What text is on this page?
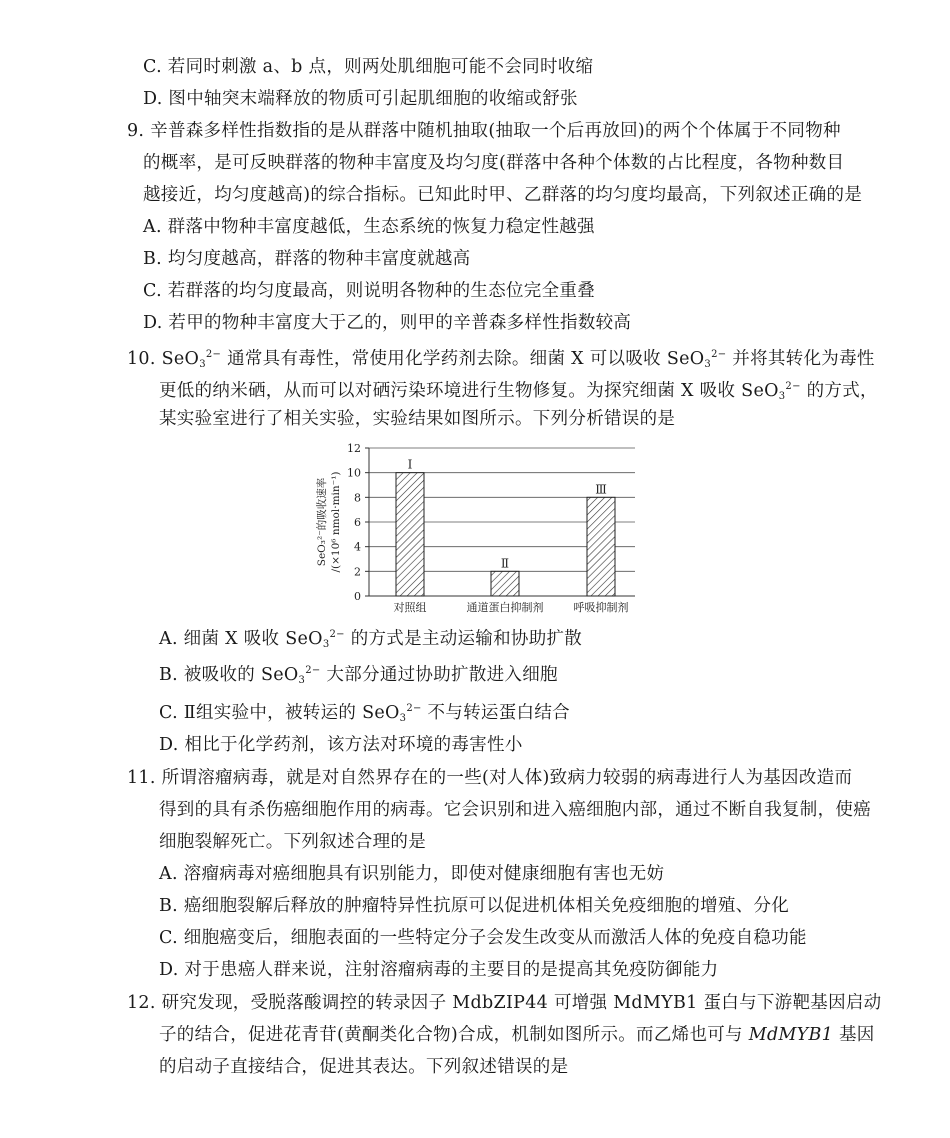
C. 若同时刺激 a、b 点，则两处肌细胞可能不会同时收缩
D. 图中轴突末端释放的物质可引起肌细胞的收缩或舒张
9. 辛普森多样性指数指的是从群落中随机抽取(抽取一个后再放回)的两个个体属于不同物种
的概率，是可反映群落的物种丰富度及均匀度(群落中各种个体数的占比程度，各物种数目
越接近，均匀度越高)的综合指标。已知此时甲、乙群落的均匀度均最高，下列叙述正确的是
A. 群落中物种丰富度越低，生态系统的恢复力稳定性越强
B. 均匀度越高，群落的物种丰富度就越高
C. 若群落的均匀度最高，则说明各物种的生态位完全重叠
D. 若甲的物种丰富度大于乙的，则甲的辛普森多样性指数较高
10. SeO$_3^{2-}$ 通常具有毒性，常使用化学药剂去除。细菌 X 可以吸收 SeO$_3^{2-}$ 并将其转化为毒性
更低的纳米硒，从而可以对硒污染环境进行生物修复。为探究细菌 X 吸收 SeO$_3^{2-}$ 的方式，
某实验室进行了相关实验，实验结果如图所示。下列分析错误的是
0
2
4
6
8
10
12
Ⅰ
Ⅱ
Ⅲ
对照组	通道蛋白抑制剂	呼吸抑制剂
SeO₃²⁻的吸收速率 /(×10⁶ nmol·min⁻¹)
A. 细菌 X 吸收 SeO$_3^{2-}$ 的方式是主动运输和协助扩散
B. 被吸收的 SeO$_3^{2-}$ 大部分通过协助扩散进入细胞
C. Ⅱ组实验中，被转运的 SeO$_3^{2-}$ 不与转运蛋白结合
D. 相比于化学药剂，该方法对环境的毒害性小
11. 所谓溶瘤病毒，就是对自然界存在的一些(对人体)致病力较弱的病毒进行人为基因改造而
得到的具有杀伤癌细胞作用的病毒。它会识别和进入癌细胞内部，通过不断自我复制，使癌
细胞裂解死亡。下列叙述合理的是
A. 溶瘤病毒对癌细胞具有识别能力，即使对健康细胞有害也无妨
B. 癌细胞裂解后释放的肿瘤特异性抗原可以促进机体相关免疫细胞的增殖、分化
C. 细胞癌变后，细胞表面的一些特定分子会发生改变从而激活人体的免疫自稳功能
D. 对于患癌人群来说，注射溶瘤病毒的主要目的是提高其免疫防御能力
12. 研究发现，受脱落酸调控的转录因子 MdbZIP44 可增强 MdMYB1 蛋白与下游靶基因启动
子的结合，促进花青苷(黄酮类化合物)合成，机制如图所示。而乙烯也可与 MdMYB1 基因
的启动子直接结合，促进其表达。下列叙述错误的是
